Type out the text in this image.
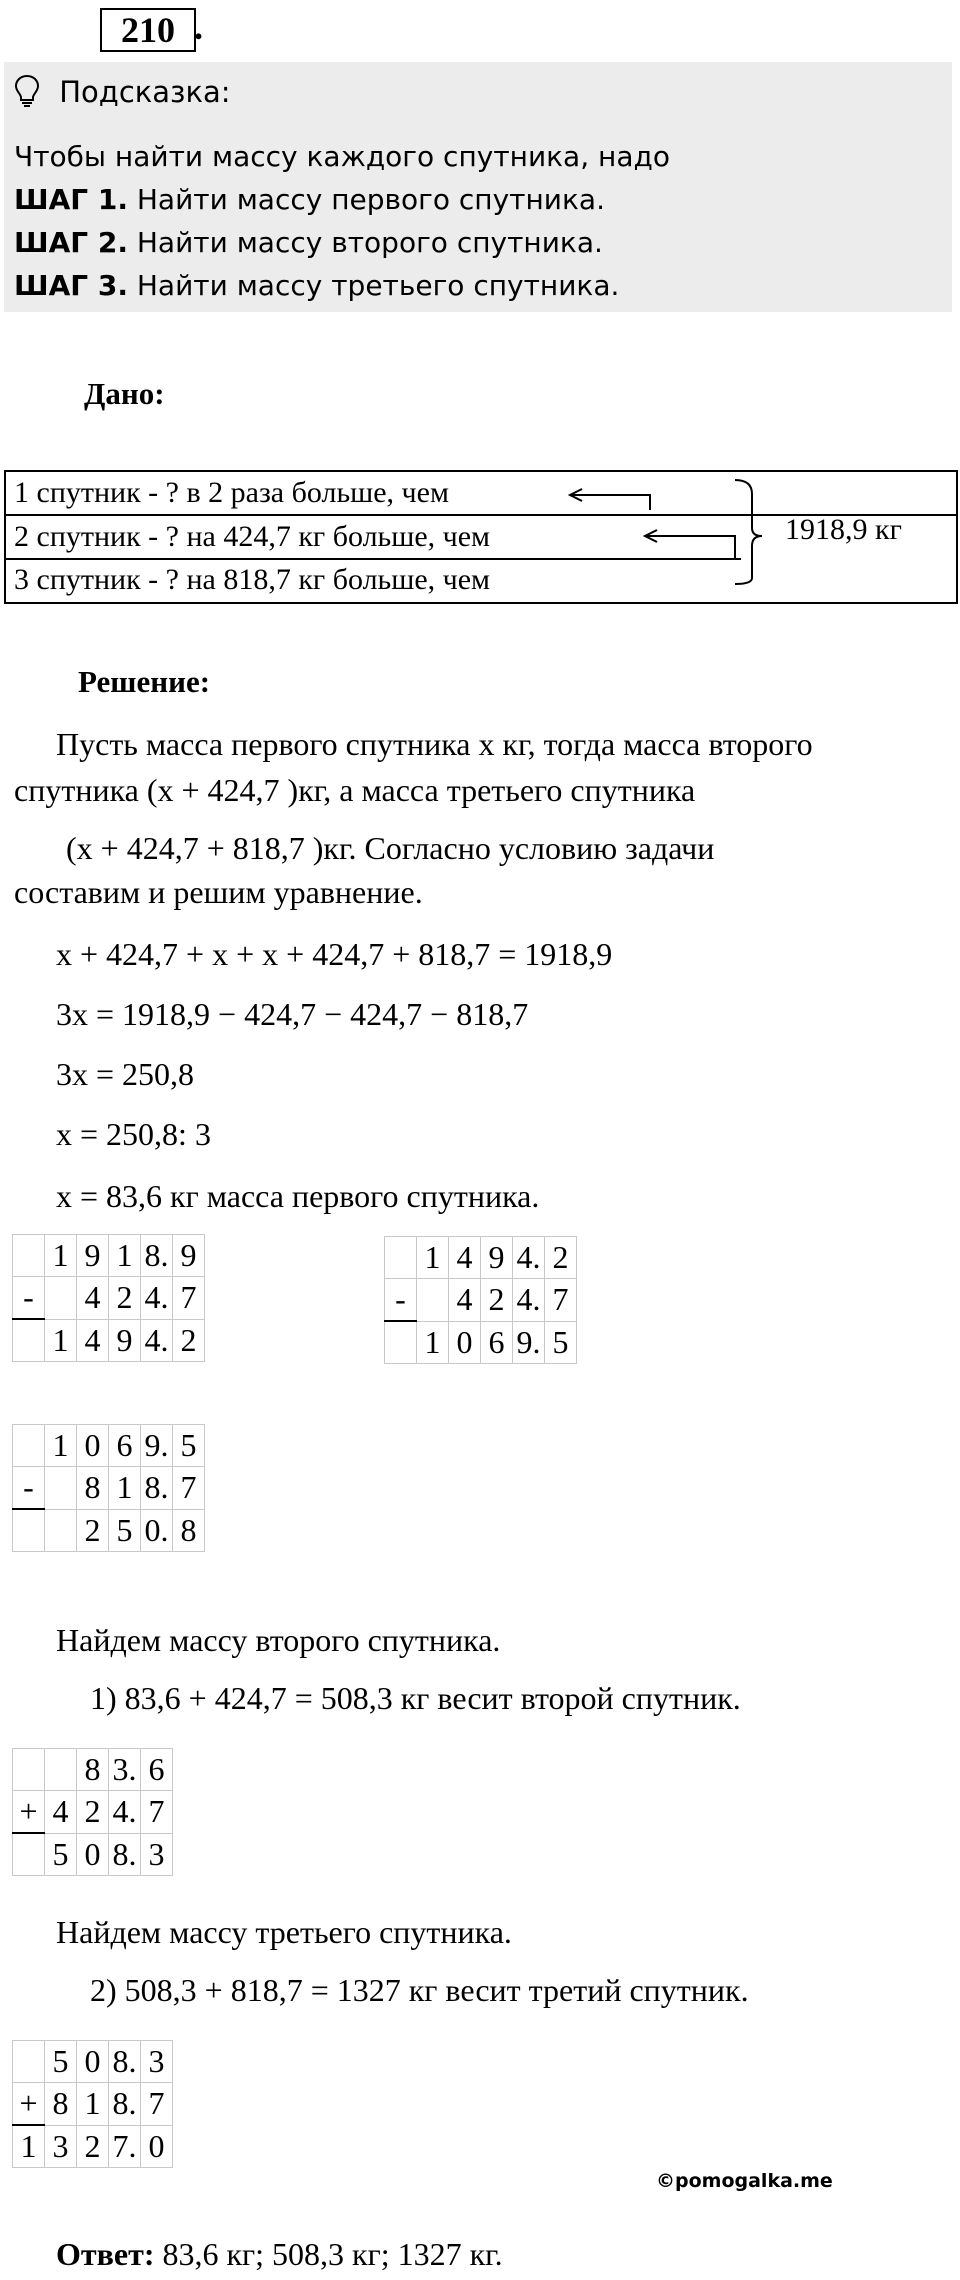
210 .
Подсказка:
Чтобы найти массу каждого спутника, надо
ШАГ 1. Найти массу первого спутника.
ШАГ 2. Найти массу второго спутника.
ШАГ 3. Найти массу третьего спутника.
Дано:
1 спутник - ? в 2 раза больше, чем
2 спутник - ? на 424,7 кг больше, чем
3 спутник - ? на 818,7 кг больше, чем
1918,9 кг
Решение:
Пусть масса первого спутника х кг, тогда масса второго
спутника (x + 424,7 )кг, а масса третьего спутника
(x + 424,7 + 818,7 )кг. Согласно условию задачи
составим и решим уравнение.
x + 424,7 + x + x + 424,7 + 818,7 = 1918,9
3x = 1918,9 − 424,7 − 424,7 − 818,7
3x = 250,8
x = 250,8: 3
x = 83,6 кг масса первого спутника.
	1	9	1	8.	9
-		4	2	4.	7
	1	4	9	4.	2
	1	4	9	4.	2
-		4	2	4.	7
	1	0	6	9.	5
	1	0	6	9.	5
-		8	1	8.	7
		2	5	0.	8
Найдем массу второго спутника.
1) 83,6 + 424,7 = 508,3 кг весит второй спутник.
		8	3.	6
+	4	2	4.	7
	5	0	8.	3
Найдем массу третьего спутника.
2) 508,3 + 818,7 = 1327 кг весит третий спутник.
	5	0	8.	3
+	8	1	8.	7
1	3	2	7.	0
©pomogalka.me
Ответ: 83,6 кг; 508,3 кг; 1327 кг.
